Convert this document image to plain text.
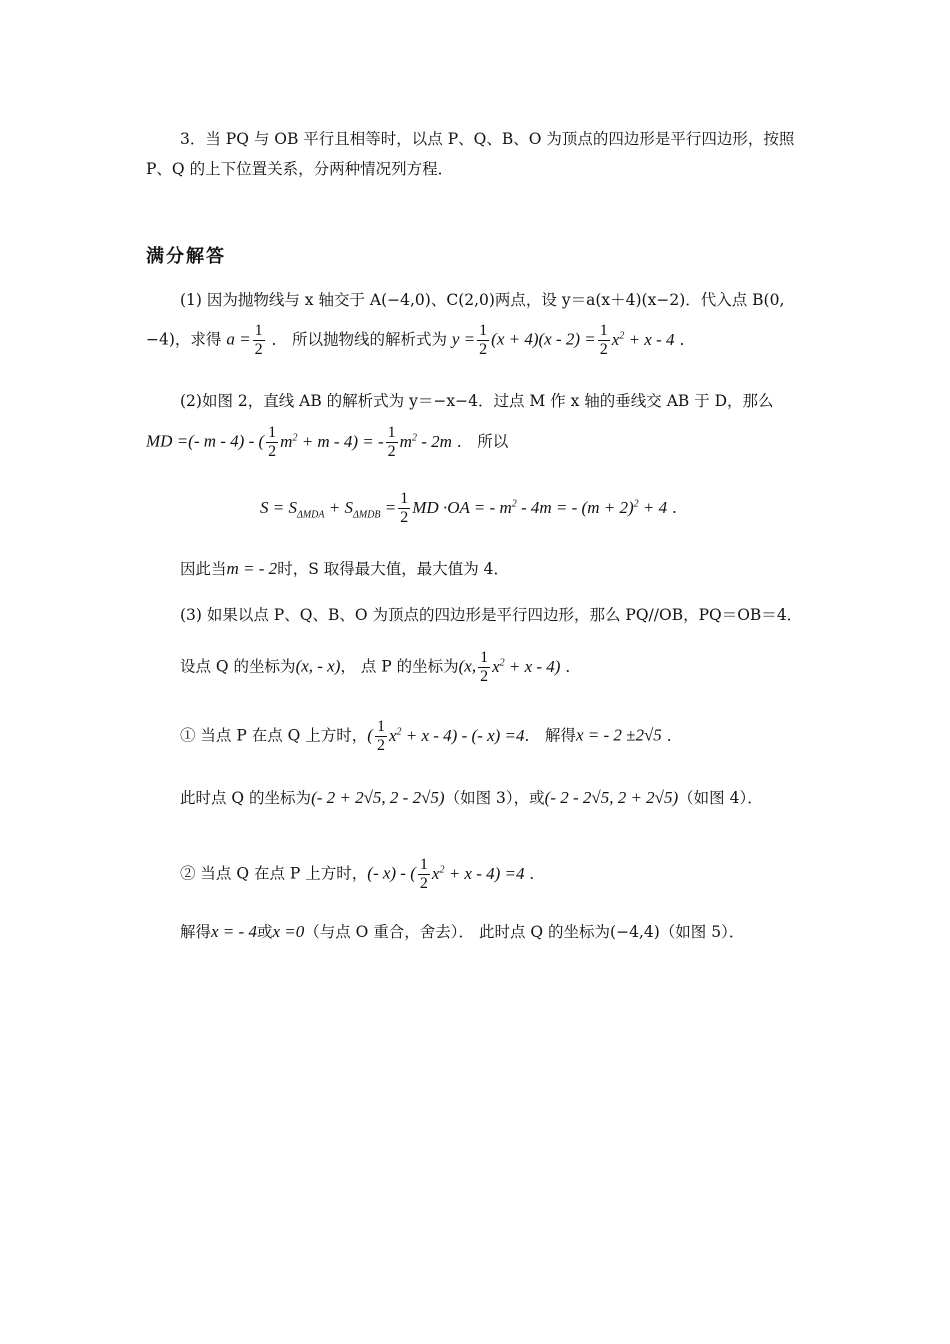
3．当 PQ 与 OB 平行且相等时，以点 P、Q、B、O 为顶点的四边形是平行四边形，按照
P、Q 的上下位置关系，分两种情况列方程．
满分解答
(1) 因为抛物线与 x 轴交于 A(−4,0)、C(2,0)两点，设 y＝a(x＋4)(x−2)．代入点 B(0,
−4)，求得 $a = \frac{1}{2}$ ． 所以抛物线的解析式为 $y = \frac{1}{2} (x + 4)(x - 2) = \frac{1}{2} x^2 + x - 4$ ．
(2)如图 2，直线 AB 的解析式为 y＝−x−4．过点 M 作 x 轴的垂线交 AB 于 D，那么
MD =(- m - 4) - ( $\frac{1}{2} m^2 + m - 4$) = - $\frac{1}{2} m^2 - 2m$ ． 所以
$S = S_{\Delta MDA} + S_{\Delta MDB} = \frac{1}{2}$ MD ·OA = - $m^2 - 4m$ = - $(m + 2)^2 + 4$ ．
因此当m = - 2时，S 取得最大值，最大值为 4．
(3) 如果以点 P、Q、B、O 为顶点的四边形是平行四边形，那么 PQ//OB，PQ＝OB＝4．
设点 Q 的坐标为(x, - x)， 点 P 的坐标为(x, $\frac{1}{2} x^2 + x - 4$) ．
① 当点 P 在点 Q 上方时，( $\frac{1}{2} x^2 + x - 4$) - (- x) =4． 解得x = - 2 ±2√5 ．
此时点 Q 的坐标为(- 2 + 2√5, 2 - 2√5)（如图 3），或(- 2 - 2√5, 2 + 2√5)（如图 4）．
② 当点 Q 在点 P 上方时，(- x) - ( $\frac{1}{2} x^2 + x - 4) =4$ ．
解得x = - 4或x =0（与点 O 重合，舍去）． 此时点 Q 的坐标为(−4,4)（如图 5）．
